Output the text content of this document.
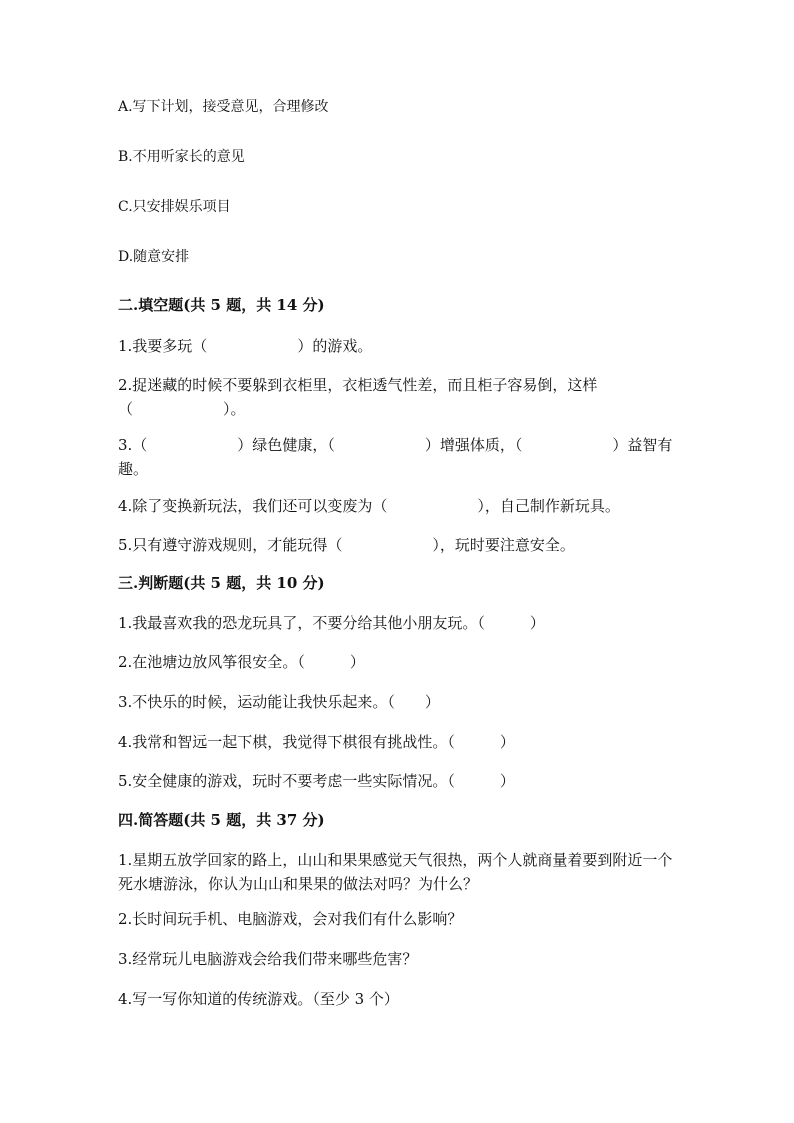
A.写下计划，接受意见，合理修改
B.不用听家长的意见
C.只安排娱乐项目
D.随意安排
二.填空题(共 5 题，共 14 分)
1.我要多玩（　　　　　　）的游戏。
2.捉迷藏的时候不要躲到衣柜里，衣柜透气性差，而且柜子容易倒，这样（　　　　　　）。
3.（　　　　　　）绿色健康，（　　　　　　）增强体质，（　　　　　　）益智有趣。
4.除了变换新玩法，我们还可以变废为（　　　　　　），自己制作新玩具。
5.只有遵守游戏规则，才能玩得（　　　　　　），玩时要注意安全。
三.判断题(共 5 题，共 10 分)
1.我最喜欢我的恐龙玩具了，不要分给其他小朋友玩。（　　　）
2.在池塘边放风筝很安全。（　　　）
3.不快乐的时候，运动能让我快乐起来。（　　）
4.我常和智远一起下棋，我觉得下棋很有挑战性。（　　　）
5.安全健康的游戏，玩时不要考虑一些实际情况。（　　　）
四.简答题(共 5 题，共 37 分)
1.星期五放学回家的路上，山山和果果感觉天气很热，两个人就商量着要到附近一个死水塘游泳，你认为山山和果果的做法对吗？为什么？
2.长时间玩手机、电脑游戏，会对我们有什么影响？
3.经常玩儿电脑游戏会给我们带来哪些危害？
4.写一写你知道的传统游戏。（至少 3 个）
